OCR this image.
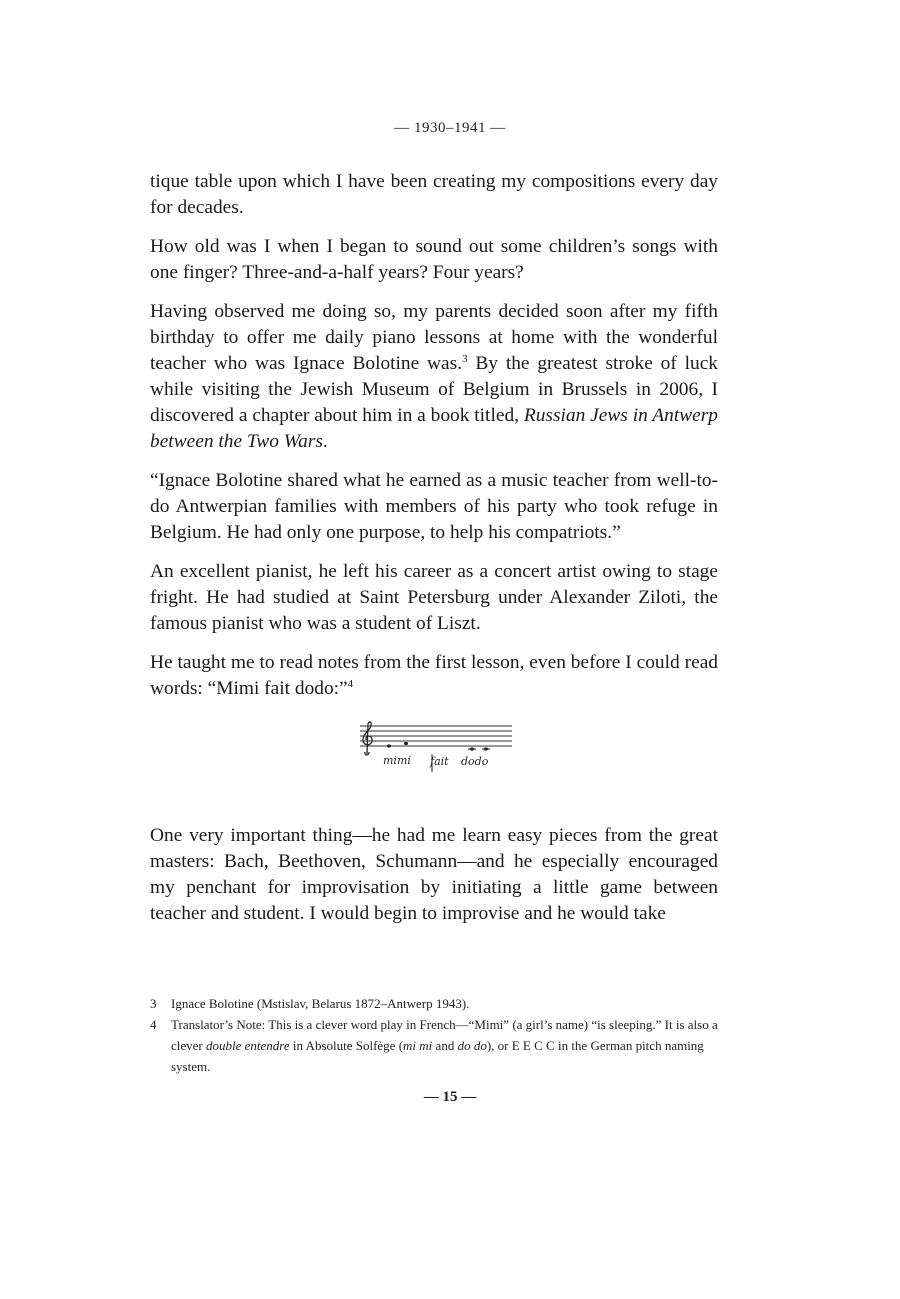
— 1930–1941 —

tique table upon which I have been creating my compositions every day for decades.

How old was I when I began to sound out some children’s songs with one finger? Three-and-a-half years? Four years?

Having observed me doing so, my parents decided soon after my fifth birthday to offer me daily piano lessons at home with the wonderful teacher who was Ignace Bolotine was.$^3$ By the greatest stroke of luck while visiting the Jewish Museum of Belgium in Brussels in 2006, I discovered a chapter about him in a book titled, Russian Jews in Antwerp between the Two Wars.

“Ignace Bolotine shared what he earned as a music teacher from well-to-do Antwerpian families with members of his party who took refuge in Belgium. He had only one purpose, to help his compatriots.”

An excellent pianist, he left his career as a concert artist owing to stage fright. He had studied at Saint Petersburg under Alexander Ziloti, the famous pianist who was a student of Liszt.

He taught me to read notes from the first lesson, even before I could read words: “Mimi fait dodo:”$^4$

mimi fait dodo

One very important thing—he had me learn easy pieces from the great masters: Bach, Beethoven, Schumann—and he especially encouraged my penchant for improvisation by initiating a little game between teacher and student. I would begin to improvise and he would take

3	Ignace Bolotine (Mstislav, Belarus 1872–Antwerp 1943).
4	Translator’s Note: This is a clever word play in French—“Mimi” (a girl’s name) “is sleeping.” It is also a clever double entendre in Absolute Solfège (mi mi and do do), or E E C C in the German pitch naming system.
— 15 —
